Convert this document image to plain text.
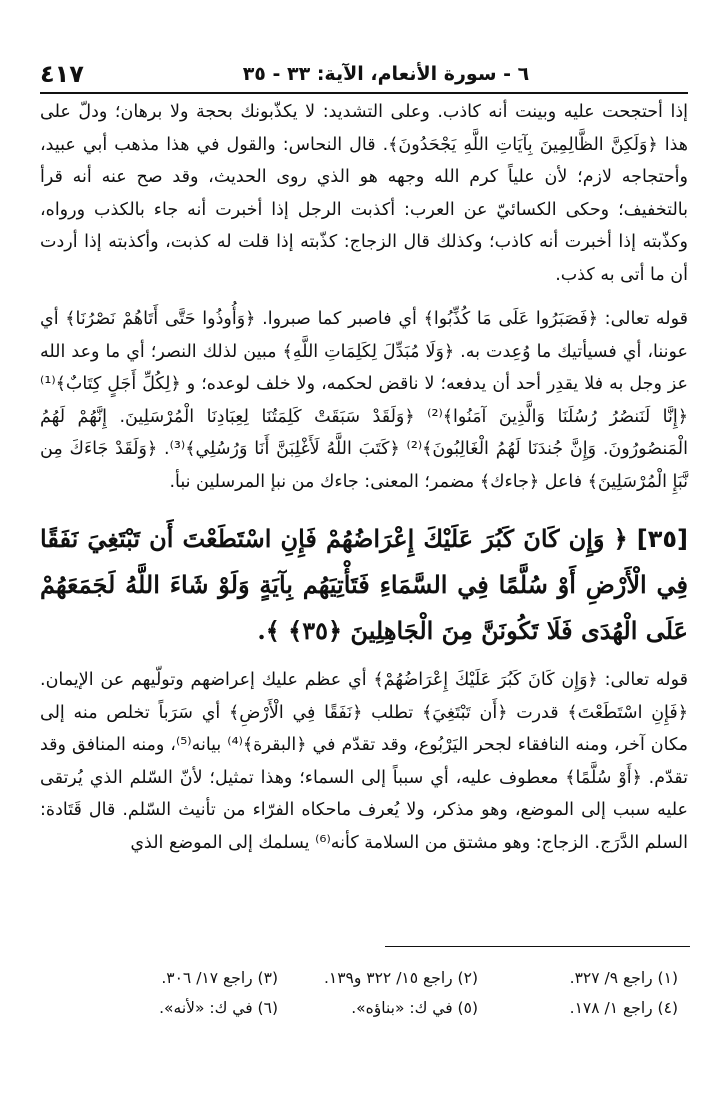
٦ - سورة الأنعام، الآية: ٣٣ - ٣٥
٤١٧

إذا أحتجحت عليه وبينت أنه كاذب. وعلى التشديد: لا يكذّبونك بحجة ولا برهان؛ ودلّ على هذا ﴿وَلَكِنَّ الظَّالِمِينَ بِآيَاتِ اللَّهِ يَجْحَدُونَ﴾. قال النحاس: والقول في هذا مذهب أبي عبيد، وأحتجاجه لازم؛ لأن علياً كرم الله وجهه هو الذي روى الحديث، وقد صح عنه أنه قرأ بالتخفيف؛ وحكى الكسائيّ عن العرب: أكذبت الرجل إذا أخبرت أنه جاء بالكذب ورواه، وكذّبته إذا أخبرت أنه كاذب؛ وكذلك قال الزجاج: كذّبته إذا قلت له كذبت، وأكذبته إذا أردت أن ما أتى به كذب.

قوله تعالى: ﴿فَصَبَرُوا عَلَى مَا كُذِّبُوا﴾ أي فاصبر كما صبروا. ﴿وَأُوذُوا حَتَّى أَتَاهُمْ نَصْرُنَا﴾ أي عوننا، أي فسيأتيك ما وُعِدت به. ﴿وَلَا مُبَدِّلَ لِكَلِمَاتِ اللَّهِ﴾ مبين لذلك النصر؛ أي ما وعد الله عز وجل به فلا يقدِر أحد أن يدفعه؛ لا ناقض لحكمه، ولا خلف لوعده؛ و ﴿لِكُلِّ أَجَلٍ كِتَابٌ﴾⁽¹⁾ ﴿إِنَّا لَنَنصُرُ رُسُلَنَا وَالَّذِينَ آمَنُوا﴾⁽²⁾ ﴿وَلَقَدْ سَبَقَتْ كَلِمَتُنَا لِعِبَادِنَا الْمُرْسَلِينَ. إِنَّهُمْ لَهُمُ الْمَنصُورُونَ. وَإِنَّ جُندَنَا لَهُمُ الْغَالِبُونَ﴾⁽²⁾ ﴿كَتَبَ اللَّهُ لَأَغْلِبَنَّ أَنَا وَرُسُلِي﴾⁽³⁾. ﴿وَلَقَدْ جَاءَكَ مِن نَّبَإِ الْمُرْسَلِينَ﴾ فاعل ﴿جاءك﴾ مضمر؛ المعنى: جاءك من نبإ المرسلين نبأ.

[٣٥] ﴿ وَإِن كَانَ كَبُرَ عَلَيْكَ إِعْرَاضُهُمْ فَإِنِ اسْتَطَعْتَ أَن تَبْتَغِيَ نَفَقًا فِي الْأَرْضِ أَوْ سُلَّمًا فِي السَّمَاءِ فَتَأْتِيَهُم بِآيَةٍ وَلَوْ شَاءَ اللَّهُ لَجَمَعَهُمْ عَلَى الْهُدَى فَلَا تَكُونَنَّ مِنَ الْجَاهِلِينَ ﴿٣٥﴾ ﴾.

قوله تعالى: ﴿وَإِن كَانَ كَبُرَ عَلَيْكَ إِعْرَاضُهُمْ﴾ أي عظم عليك إعراضهم وتولّيهم عن الإيمان. ﴿فَإِنِ اسْتَطَعْتَ﴾ قدرت ﴿أَن تَبْتَغِيَ﴾ تطلب ﴿نَفَقًا فِي الْأَرْضِ﴾ أي سَرَباً تخلص منه إلى مكان آخر، ومنه النافقاء لجحر اليَرْبُوع، وقد تقدّم في ﴿البقرة﴾⁽⁴⁾ بيانه⁽⁵⁾، ومنه المنافق وقد تقدّم. ﴿أَوْ سُلَّمًا﴾ معطوف عليه، أي سبباً إلى السماء؛ وهذا تمثيل؛ لأنّ السّلم الذي يُرتقى عليه سبب إلى الموضع، وهو مذكر، ولا يُعرف ماحكاه الفرّاء من تأنيث السّلم. قال قَتَادة: السلم الدَّرَج. الزجاج: وهو مشتق من السلامة كأنه⁽⁶⁾ يسلمك إلى الموضع الذي

(١) راجع ٩/ ٣٢٧.
(٢) راجع ١٥/ ٣٢٢ و١٣٩.
(٣) راجع ١٧/ ٣٠٦.
(٤) راجع ١/ ١٧٨.
(٥) في ك: «بناؤه».
(٦) في ك: «لأنه».
